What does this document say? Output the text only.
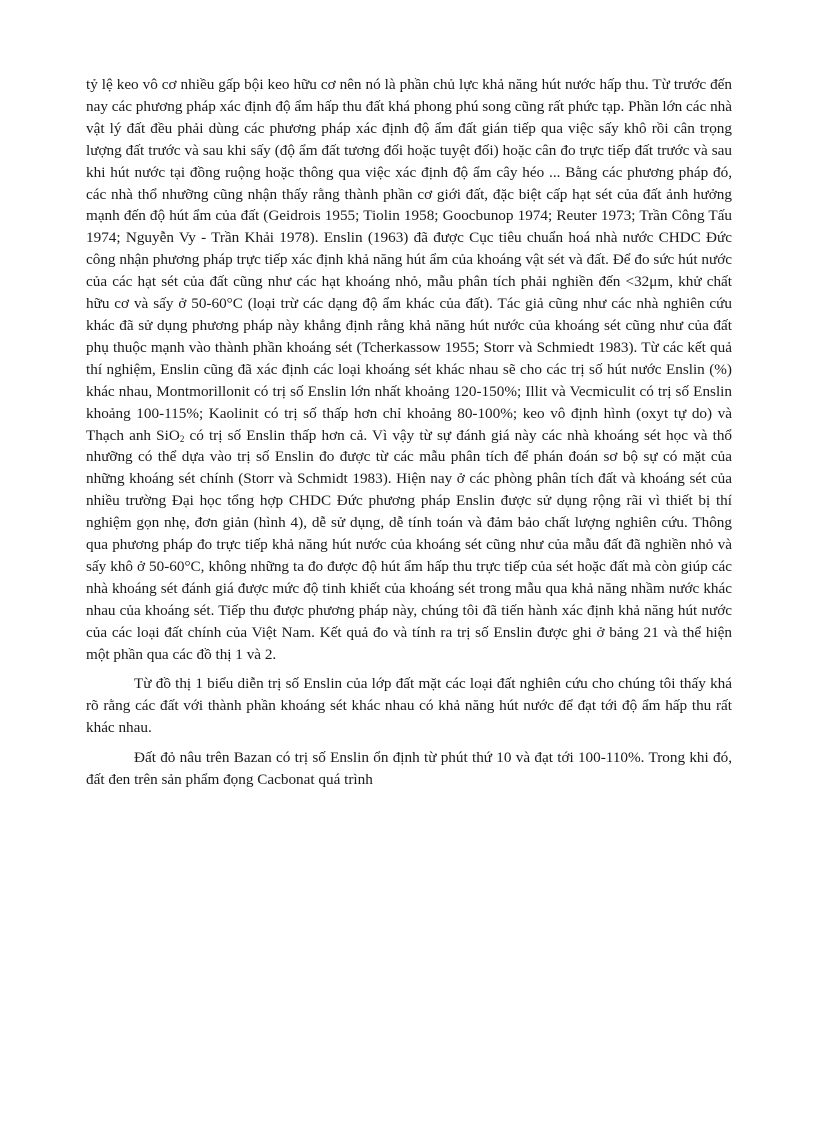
tỷ lệ keo vô cơ nhiều gấp bội keo hữu cơ nên nó là phần chủ lực khả năng hút nước hấp thu. Từ trước đến nay các phương pháp xác định độ ẩm hấp thu đất khá phong phú song cũng rất phức tạp. Phần lớn các nhà vật lý đất đều phải dùng các phương pháp xác định độ ẩm đất gián tiếp qua việc sấy khô rồi cân trọng lượng đất trước và sau khi sấy (độ ẩm đất tương đối hoặc tuyệt đối) hoặc cân đo trực tiếp đất trước và sau khi hút nước tại đồng ruộng hoặc thông qua việc xác định độ ẩm cây héo ... Bằng các phương pháp đó, các nhà thổ nhưỡng cũng nhận thấy rằng thành phần cơ giới đất, đặc biệt cấp hạt sét của đất ảnh hưởng mạnh đến độ hút ẩm của đất (Geidrois 1955; Tiolin 1958; Goocbunop 1974; Reuter 1973; Trần Công Tấu 1974; Nguyễn Vy - Trần Khải 1978). Enslin (1963) đã được Cục tiêu chuẩn hoá nhà nước CHDC Đức công nhận phương pháp trực tiếp xác định khả năng hút ẩm của khoáng vật sét và đất. Để đo sức hút nước của các hạt sét của đất cũng như các hạt khoáng nhỏ, mẫu phân tích phải nghiền đến <32μm, khử chất hữu cơ và sấy ở 50-60°C (loại trừ các dạng độ ẩm khác của đất). Tác giả cũng như các nhà nghiên cứu khác đã sử dụng phương pháp này khẳng định rằng khả năng hút nước của khoáng sét cũng như của đất phụ thuộc mạnh vào thành phần khoáng sét (Tcherkassow 1955; Storr và Schmiedt 1983). Từ các kết quả thí nghiệm, Enslin cũng đã xác định các loại khoáng sét khác nhau sẽ cho các trị số hút nước Enslin (%) khác nhau, Montmorillonit có trị số Enslin lớn nhất khoảng 120-150%; Illit và Vecmiculit có trị số Enslin khoảng 100-115%; Kaolinit có trị số thấp hơn chỉ khoảng 80-100%; keo vô định hình (oxyt tự do) và Thạch anh SiO$_2$ có trị số Enslin thấp hơn cả. Vì vậy từ sự đánh giá này các nhà khoáng sét học và thổ nhưỡng có thể dựa vào trị số Enslin đo được từ các mẫu phân tích để phán đoán sơ bộ sự có mặt của những khoáng sét chính (Storr và Schmidt 1983). Hiện nay ở các phòng phân tích đất và khoáng sét của nhiều trường Đại học tổng hợp CHDC Đức phương pháp Enslin được sử dụng rộng rãi vì thiết bị thí nghiệm gọn nhẹ, đơn giản (hình 4), dễ sử dụng, dễ tính toán và đảm bảo chất lượng nghiên cứu. Thông qua phương pháp đo trực tiếp khả năng hút nước của khoáng sét cũng như của mẫu đất đã nghiền nhỏ và sấy khô ở 50-60°C, không những ta đo được độ hút ẩm hấp thu trực tiếp của sét hoặc đất mà còn giúp các nhà khoáng sét đánh giá được mức độ tinh khiết của khoáng sét trong mẫu qua khả năng nhầm nước khác nhau của khoáng sét. Tiếp thu được phương pháp này, chúng tôi đã tiến hành xác định khả năng hút nước của các loại đất chính của Việt Nam. Kết quả đo và tính ra trị số Enslin được ghi ở bảng 21 và thể hiện một phần qua các đồ thị 1 và 2.

Từ đồ thị 1 biểu diễn trị số Enslin của lớp đất mặt các loại đất nghiên cứu cho chúng tôi thấy khá rõ rằng các đất với thành phần khoáng sét khác nhau có khả năng hút nước để đạt tới độ ẩm hấp thu rất khác nhau.

Đất đỏ nâu trên Bazan có trị số Enslin ổn định từ phút thứ 10 và đạt tới 100-110%. Trong khi đó, đất đen trên sản phẩm đọng Cacbonat quá trình
